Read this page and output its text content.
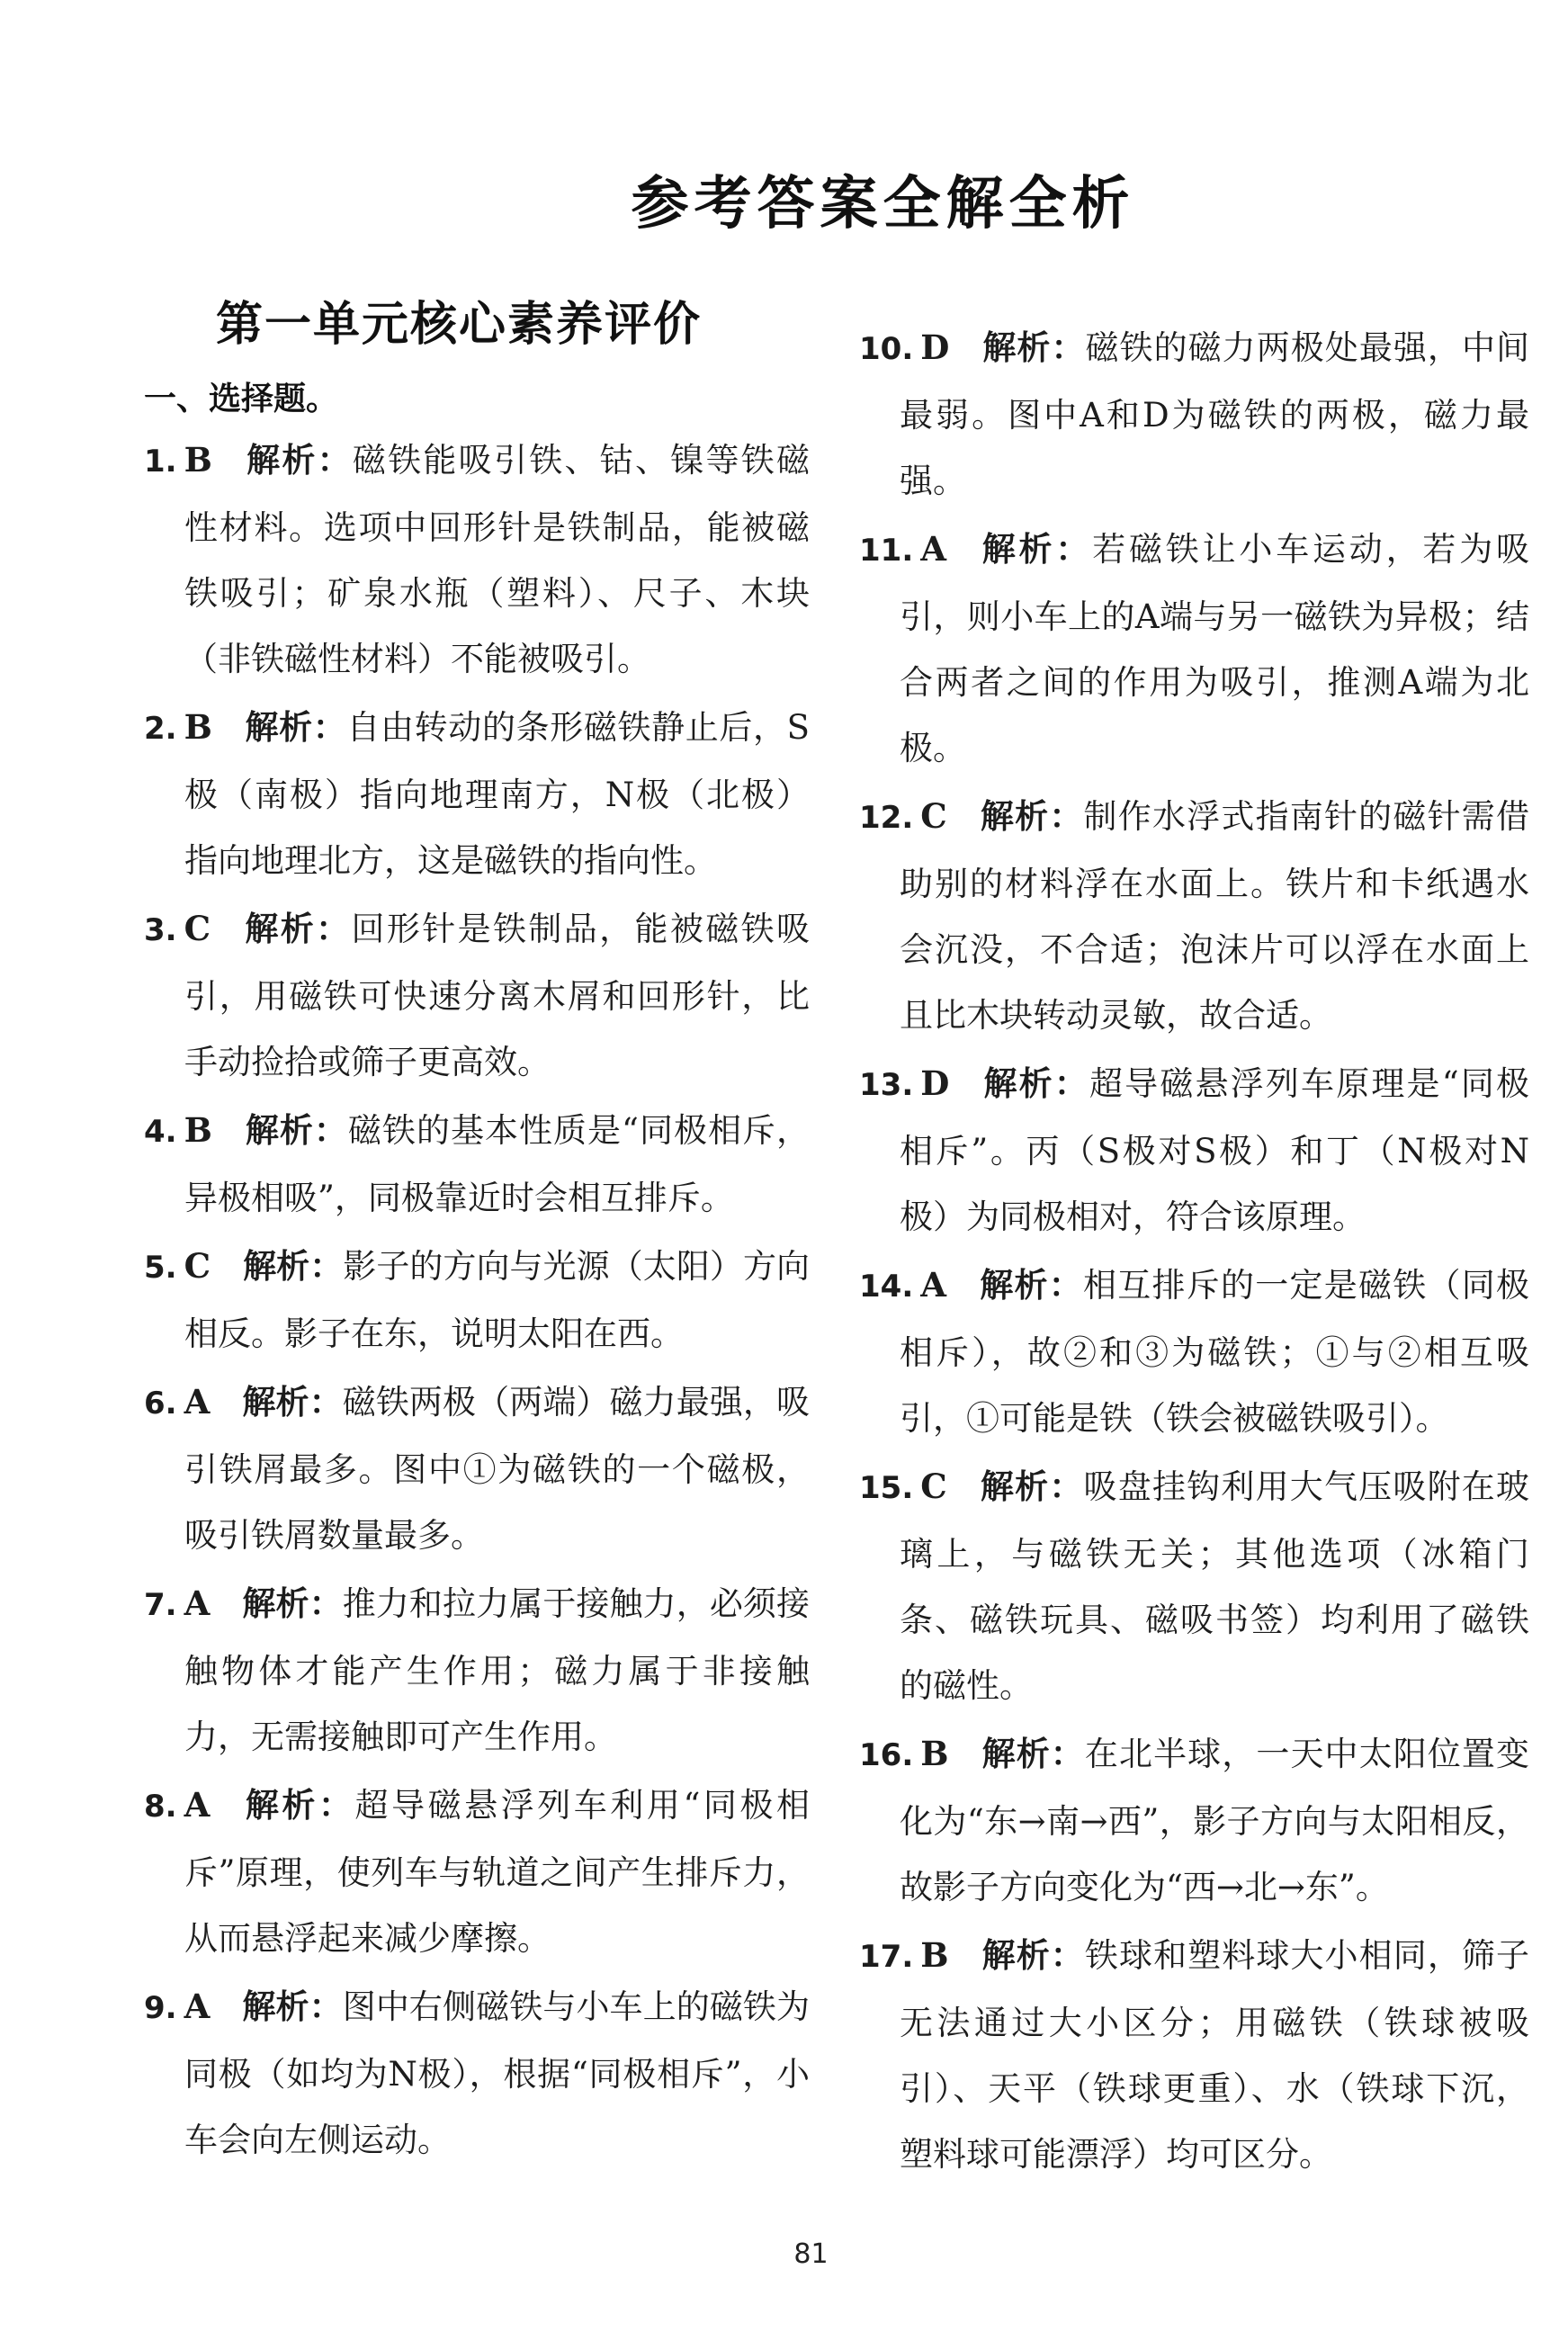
参考答案全解全析
第一单元核心素养评价
一、选择题。
1. B 解析：磁铁能吸引铁、钴、镍等铁磁性材料。选项中回形针是铁制品，能被磁铁吸引；矿泉水瓶（塑料）、尺子、木块（非铁磁性材料）不能被吸引。
2. B 解析：自由转动的条形磁铁静止后，S极（南极）指向地理南方，N极（北极）指向地理北方，这是磁铁的指向性。
3. C 解析：回形针是铁制品，能被磁铁吸引，用磁铁可快速分离木屑和回形针，比手动捡拾或筛子更高效。
4. B 解析：磁铁的基本性质是“同极相斥，异极相吸”，同极靠近时会相互排斥。
5. C 解析：影子的方向与光源（太阳）方向相反。影子在东，说明太阳在西。
6. A 解析：磁铁两极（两端）磁力最强，吸引铁屑最多。图中①为磁铁的一个磁极，吸引铁屑数量最多。
7. A 解析：推力和拉力属于接触力，必须接触物体才能产生作用；磁力属于非接触力，无需接触即可产生作用。
8. A 解析：超导磁悬浮列车利用“同极相斥”原理，使列车与轨道之间产生排斥力，从而悬浮起来减少摩擦。
9. A 解析：图中右侧磁铁与小车上的磁铁为同极（如均为N极），根据“同极相斥”，小车会向左侧运动。
10. D 解析：磁铁的磁力两极处最强，中间最弱。图中A和D为磁铁的两极，磁力最强。
11. A 解析：若磁铁让小车运动，若为吸引，则小车上的A端与另一磁铁为异极；结合两者之间的作用为吸引，推测A端为北极。
12. C 解析：制作水浮式指南针的磁针需借助别的材料浮在水面上。铁片和卡纸遇水会沉没，不合适；泡沫片可以浮在水面上且比木块转动灵敏，故合适。
13. D 解析：超导磁悬浮列车原理是“同极相斥”。丙（S极对S极）和丁（N极对N极）为同极相对，符合该原理。
14. A 解析：相互排斥的一定是磁铁（同极相斥），故②和③为磁铁；①与②相互吸引，①可能是铁（铁会被磁铁吸引）。
15. C 解析：吸盘挂钩利用大气压吸附在玻璃上，与磁铁无关；其他选项（冰箱门条、磁铁玩具、磁吸书签）均利用了磁铁的磁性。
16. B 解析：在北半球，一天中太阳位置变化为“东→南→西”，影子方向与太阳相反，故影子方向变化为“西→北→东”。
17. B 解析：铁球和塑料球大小相同，筛子无法通过大小区分；用磁铁（铁球被吸引）、天平（铁球更重）、水（铁球下沉，塑料球可能漂浮）均可区分。
81
